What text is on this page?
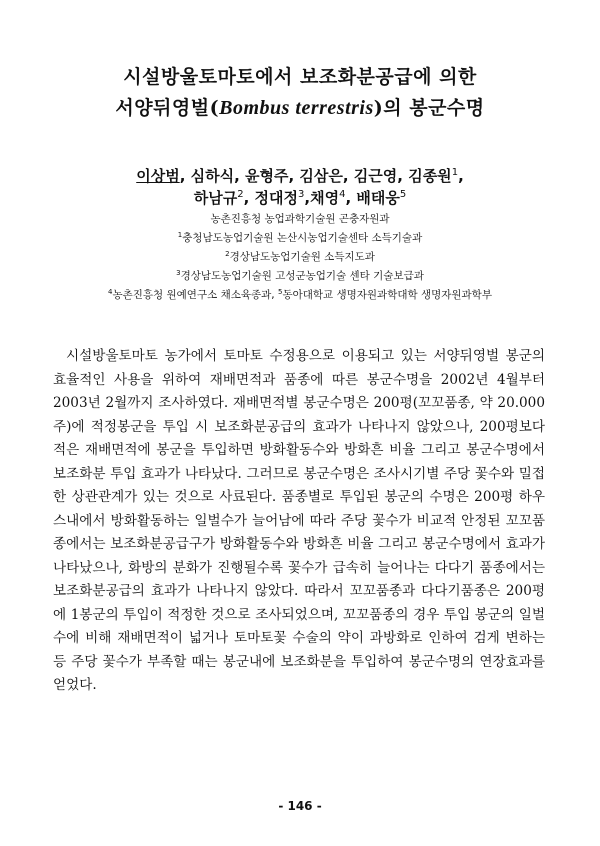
시설방울토마토에서 보조화분공급에 의한
서양뒤영벌(Bombus terrestris)의 봉군수명
이상범, 심하식, 윤형주, 김삼은, 김근영, 김종원$^1$,
하남규$^2$, 정대정$^3$,채영$^4$, 배태웅$^5$
농촌진흥청 농업과학기술원 곤충자원과
$^1$충청남도농업기술원 논산시농업기술센타 소득기술과
$^2$경상남도농업기술원 소득지도과
$^3$경상남도농업기술원 고성군농업기술 센타 기술보급과
$^4$농촌진흥청 원예연구소 채소육종과, $^5$동아대학교 생명자원과학대학 생명자원과학부

시설방울토마토 농가에서 토마토 수정용으로 이용되고 있는 서양뒤영벌 봉군의 효율적인 사용을 위하여 재배면적과 품종에 따른 봉군수명을 2002년 4월부터 2003년 2월까지 조사하였다. 재배면적별 봉군수명은 200평(꼬꼬품종, 약 20.000주)에 적정봉군을 투입 시 보조화분공급의 효과가 나타나지 않았으나, 200평보다 적은 재배면적에 봉군을 투입하면 방화활동수와 방화흔 비율 그리고 봉군수명에서 보조화분 투입 효과가 나타났다. 그러므로 봉군수명은 조사시기별 주당 꽃수와 밀접한 상관관계가 있는 것으로 사료된다. 품종별로 투입된 봉군의 수명은 200평 하우스내에서 방화활동하는 일벌수가 늘어남에 따라 주당 꽃수가 비교적 안정된 꼬꼬품종에서는 보조화분공급구가 방화활동수와 방화흔 비율 그리고 봉군수명에서 효과가 나타났으나, 화방의 분화가 진행될수록 꽃수가 급속히 늘어나는 다다기 품종에서는 보조화분공급의 효과가 나타나지 않았다. 따라서 꼬꼬품종과 다다기품종은 200평에 1봉군의 투입이 적정한 것으로 조사되었으며, 꼬꼬품종의 경우 투입 봉군의 일벌수에 비해 재배면적이 넓거나 토마토꽃 수술의 약이 과방화로 인하여 검게 변하는 등 주당 꽃수가 부족할 때는 봉군내에 보조화분을 투입하여 봉군수명의 연장효과를 얻었다.

- 146 -
